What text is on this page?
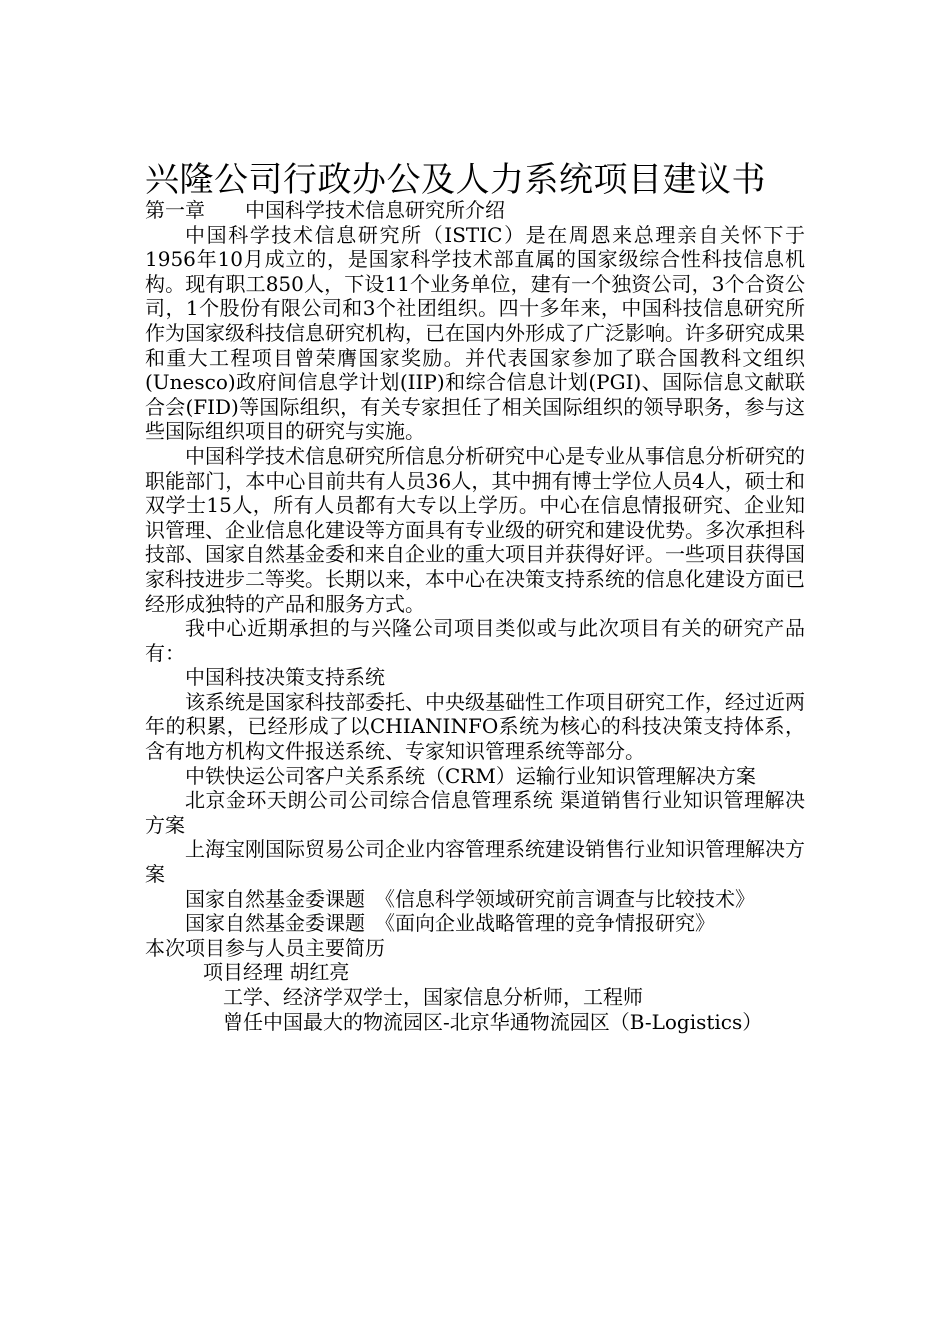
兴隆公司行政办公及人力系统项目建议书

第一章　　中国科学技术信息研究所介绍

中国科学技术信息研究所（ISTIC）是在周恩来总理亲自关怀下于1956年10月成立的，是国家科学技术部直属的国家级综合性科技信息机构。现有职工850人，下设11个业务单位，建有一个独资公司，3个合资公司，1个股份有限公司和3个社团组织。四十多年来，中国科技信息研究所作为国家级科技信息研究机构，已在国内外形成了广泛影响。许多研究成果和重大工程项目曾荣膺国家奖励。并代表国家参加了联合国教科文组织(Unesco)政府间信息学计划(IIP)和综合信息计划(PGI)、国际信息文献联合会(FID)等国际组织，有关专家担任了相关国际组织的领导职务，参与这些国际组织项目的研究与实施。

中国科学技术信息研究所信息分析研究中心是专业从事信息分析研究的职能部门，本中心目前共有人员36人，其中拥有博士学位人员4人，硕士和双学士15人，所有人员都有大专以上学历。中心在信息情报研究、企业知识管理、企业信息化建设等方面具有专业级的研究和建设优势。多次承担科技部、国家自然基金委和来自企业的重大项目并获得好评。一些项目获得国家科技进步二等奖。长期以来，本中心在决策支持系统的信息化建设方面已经形成独特的产品和服务方式。

我中心近期承担的与兴隆公司项目类似或与此次项目有关的研究产品有：

中国科技决策支持系统

该系统是国家科技部委托、中央级基础性工作项目研究工作，经过近两年的积累，已经形成了以CHIANINFO系统为核心的科技决策支持体系，含有地方机构文件报送系统、专家知识管理系统等部分。

中铁快运公司客户关系系统（CRM）运输行业知识管理解决方案

北京金环天朗公司公司综合信息管理系统 渠道销售行业知识管理解决方案

上海宝刚国际贸易公司企业内容管理系统建设销售行业知识管理解决方案

国家自然基金委课题　《信息科学领域研究前言调查与比较技术》

国家自然基金委课题　《面向企业战略管理的竞争情报研究》

本次项目参与人员主要简历

项目经理 胡红亮

工学、经济学双学士，国家信息分析师，工程师

曾任中国最大的物流园区-北京华通物流园区（B-Logistics）
